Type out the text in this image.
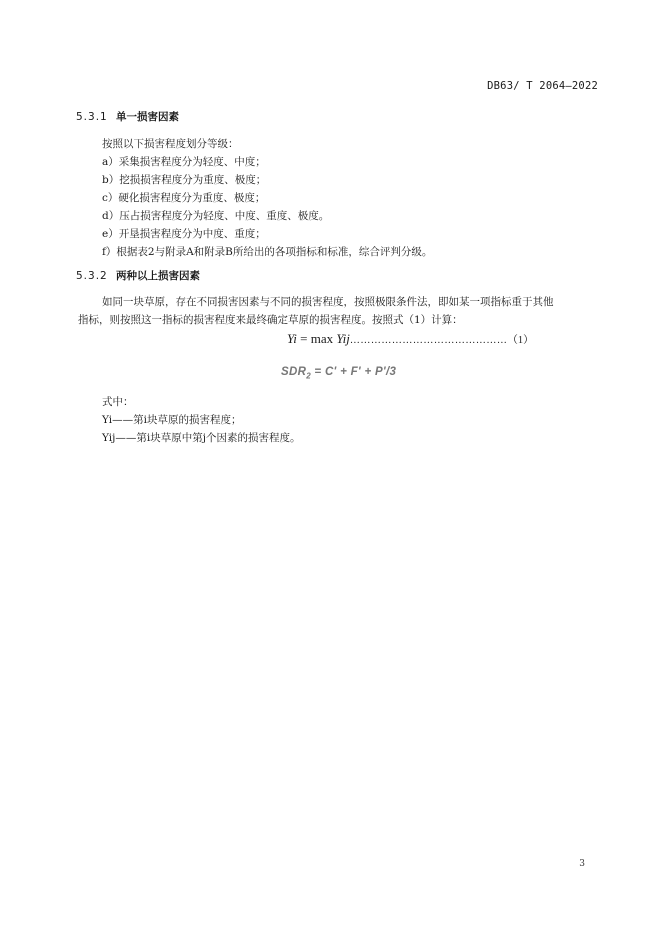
DB63/ T 2064—2022
5.3.1 单一损害因素
按照以下损害程度划分等级：
a）采集损害程度分为轻度、中度；
b）挖损损害程度分为重度、极度；
c）硬化损害程度分为重度、极度；
d）压占损害程度分为轻度、中度、重度、极度。
e）开垦损害程度分为中度、重度；
f）根据表2与附录A和附录B所给出的各项指标和标准，综合评判分级。
5.3.2 两种以上损害因素
如同一块草原，存在不同损害因素与不同的损害程度，按照极限条件法，即如某一项指标重于其他
指标，则按照这一指标的损害程度来最终确定草原的损害程度。按照式（1）计算：
Yi = max Yij………………………………………（1）
$SDR_2 = C' + F' + P'/3$
式中：
Yi——第i块草原的损害程度；
Yij——第i块草原中第j个因素的损害程度。
3
